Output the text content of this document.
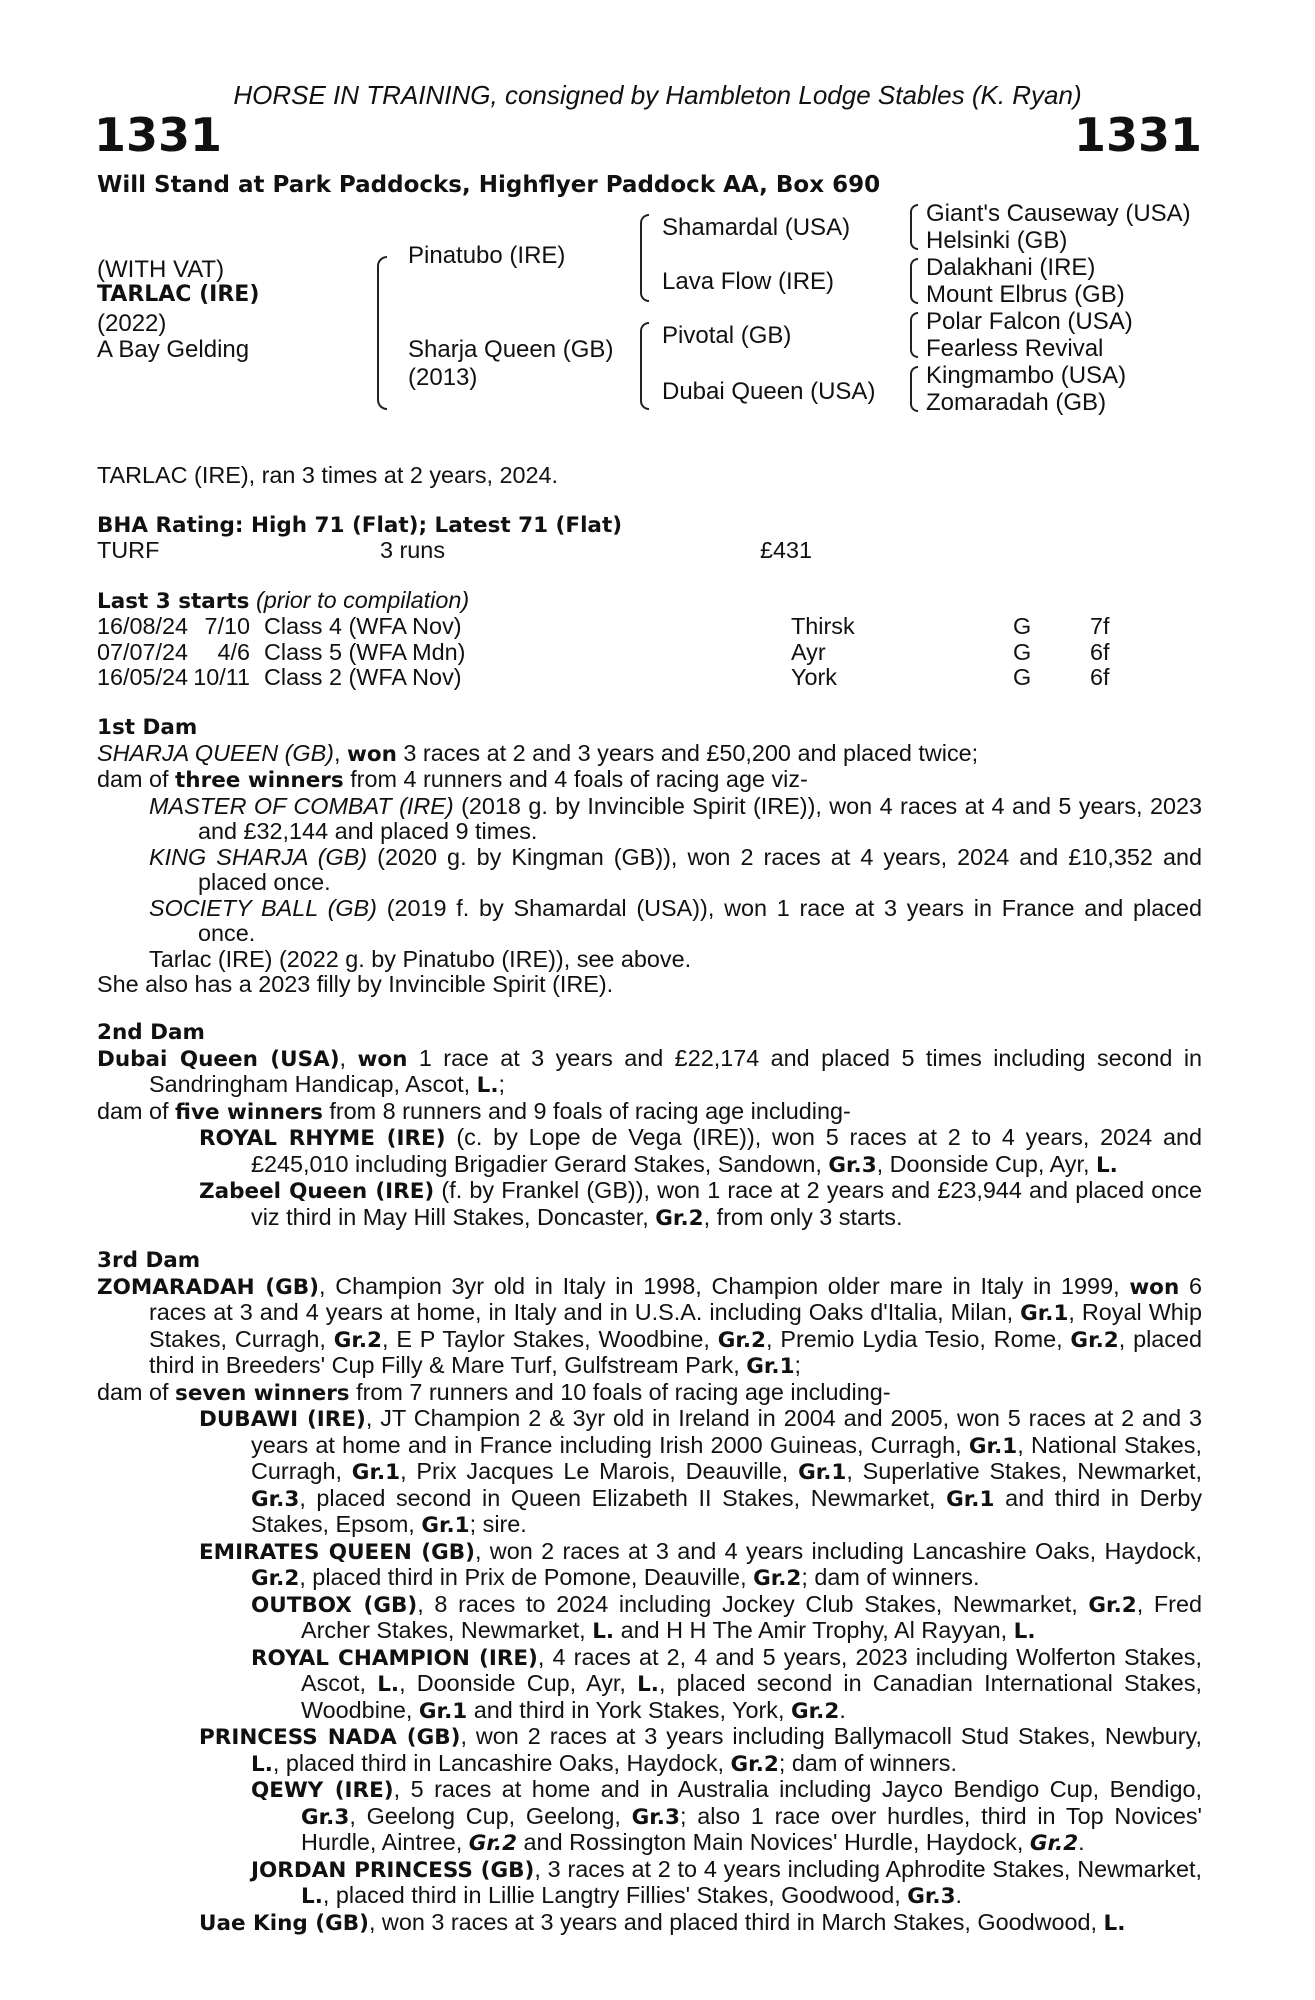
HORSE IN TRAINING, consigned by Hambleton Lodge Stables (K. Ryan)
1331	1331
Will Stand at Park Paddocks, Highflyer Paddock AA, Box 690
(WITH VAT)
TARLAC (IRE)
(2022)
A Bay Gelding
Pinatubo (IRE)
Sharja Queen (GB)
(2013)
Shamardal (USA)
Lava Flow (IRE)
Pivotal (GB)
Dubai Queen (USA)
Giant's Causeway (USA)
Helsinki (GB)
Dalakhani (IRE)
Mount Elbrus (GB)
Polar Falcon (USA)
Fearless Revival
Kingmambo (USA)
Zomaradah (GB)

TARLAC (IRE), ran 3 times at 2 years, 2024.

BHA Rating: High 71 (Flat); Latest 71 (Flat)

TURF	3 runs	£431

Last 3 starts (prior to compilation)

16/08/24 7/10 Class 4 (WFA Nov)	Thirsk	G	7f
07/07/24	4/6 Class 5 (WFA Mdn)	Ayr	G	6f
16/05/24 10/11 Class 2 (WFA Nov)	York	G	6f

1st Dam

SHARJA QUEEN (GB), won 3 races at 2 and 3 years and £50,200 and placed twice;

dam of three winners from 4 runners and 4 foals of racing age viz-

MASTER OF COMBAT (IRE) (2018 g. by Invincible Spirit (IRE)), won 4 races at 4 and 5 years, 2023 and £32,144 and placed 9 times.

KING SHARJA (GB) (2020 g. by Kingman (GB)), won 2 races at 4 years, 2024 and £10,352 and placed once.

SOCIETY BALL (GB) (2019 f. by Shamardal (USA)), won 1 race at 3 years in France and placed once.

Tarlac (IRE) (2022 g. by Pinatubo (IRE)), see above.

She also has a 2023 filly by Invincible Spirit (IRE).

2nd Dam

Dubai Queen (USA), won 1 race at 3 years and £22,174 and placed 5 times including second in Sandringham Handicap, Ascot, L.;

dam of five winners from 8 runners and 9 foals of racing age including-

ROYAL RHYME (IRE) (c. by Lope de Vega (IRE)), won 5 races at 2 to 4 years, 2024 and £245,010 including Brigadier Gerard Stakes, Sandown, Gr.3, Doonside Cup, Ayr, L.

Zabeel Queen (IRE) (f. by Frankel (GB)), won 1 race at 2 years and £23,944 and placed once viz third in May Hill Stakes, Doncaster, Gr.2, from only 3 starts.

3rd Dam

ZOMARADAH (GB), Champion 3yr old in Italy in 1998, Champion older mare in Italy in 1999, won 6 races at 3 and 4 years at home, in Italy and in U.S.A. including Oaks d'Italia, Milan, Gr.1, Royal Whip Stakes, Curragh, Gr.2, E P Taylor Stakes, Woodbine, Gr.2, Premio Lydia Tesio, Rome, Gr.2, placed third in Breeders' Cup Filly & Mare Turf, Gulfstream Park, Gr.1;

dam of seven winners from 7 runners and 10 foals of racing age including-

DUBAWI (IRE), JT Champion 2 & 3yr old in Ireland in 2004 and 2005, won 5 races at 2 and 3 years at home and in France including Irish 2000 Guineas, Curragh, Gr.1, National Stakes, Curragh, Gr.1, Prix Jacques Le Marois, Deauville, Gr.1, Superlative Stakes, Newmarket, Gr.3, placed second in Queen Elizabeth II Stakes, Newmarket, Gr.1 and third in Derby Stakes, Epsom, Gr.1; sire.

EMIRATES QUEEN (GB), won 2 races at 3 and 4 years including Lancashire Oaks, Haydock, Gr.2, placed third in Prix de Pomone, Deauville, Gr.2; dam of winners.

OUTBOX (GB), 8 races to 2024 including Jockey Club Stakes, Newmarket, Gr.2, Fred Archer Stakes, Newmarket, L. and H H The Amir Trophy, Al Rayyan, L.

ROYAL CHAMPION (IRE), 4 races at 2, 4 and 5 years, 2023 including Wolferton Stakes, Ascot, L., Doonside Cup, Ayr, L., placed second in Canadian International Stakes, Woodbine, Gr.1 and third in York Stakes, York, Gr.2.

PRINCESS NADA (GB), won 2 races at 3 years including Ballymacoll Stud Stakes, Newbury, L., placed third in Lancashire Oaks, Haydock, Gr.2; dam of winners.

QEWY (IRE), 5 races at home and in Australia including Jayco Bendigo Cup, Bendigo, Gr.3, Geelong Cup, Geelong, Gr.3; also 1 race over hurdles, third in Top Novices' Hurdle, Aintree, Gr.2 and Rossington Main Novices' Hurdle, Haydock, Gr.2.

JORDAN PRINCESS (GB), 3 races at 2 to 4 years including Aphrodite Stakes, Newmarket, L., placed third in Lillie Langtry Fillies' Stakes, Goodwood, Gr.3.

Uae King (GB), won 3 races at 3 years and placed third in March Stakes, Goodwood, L.
